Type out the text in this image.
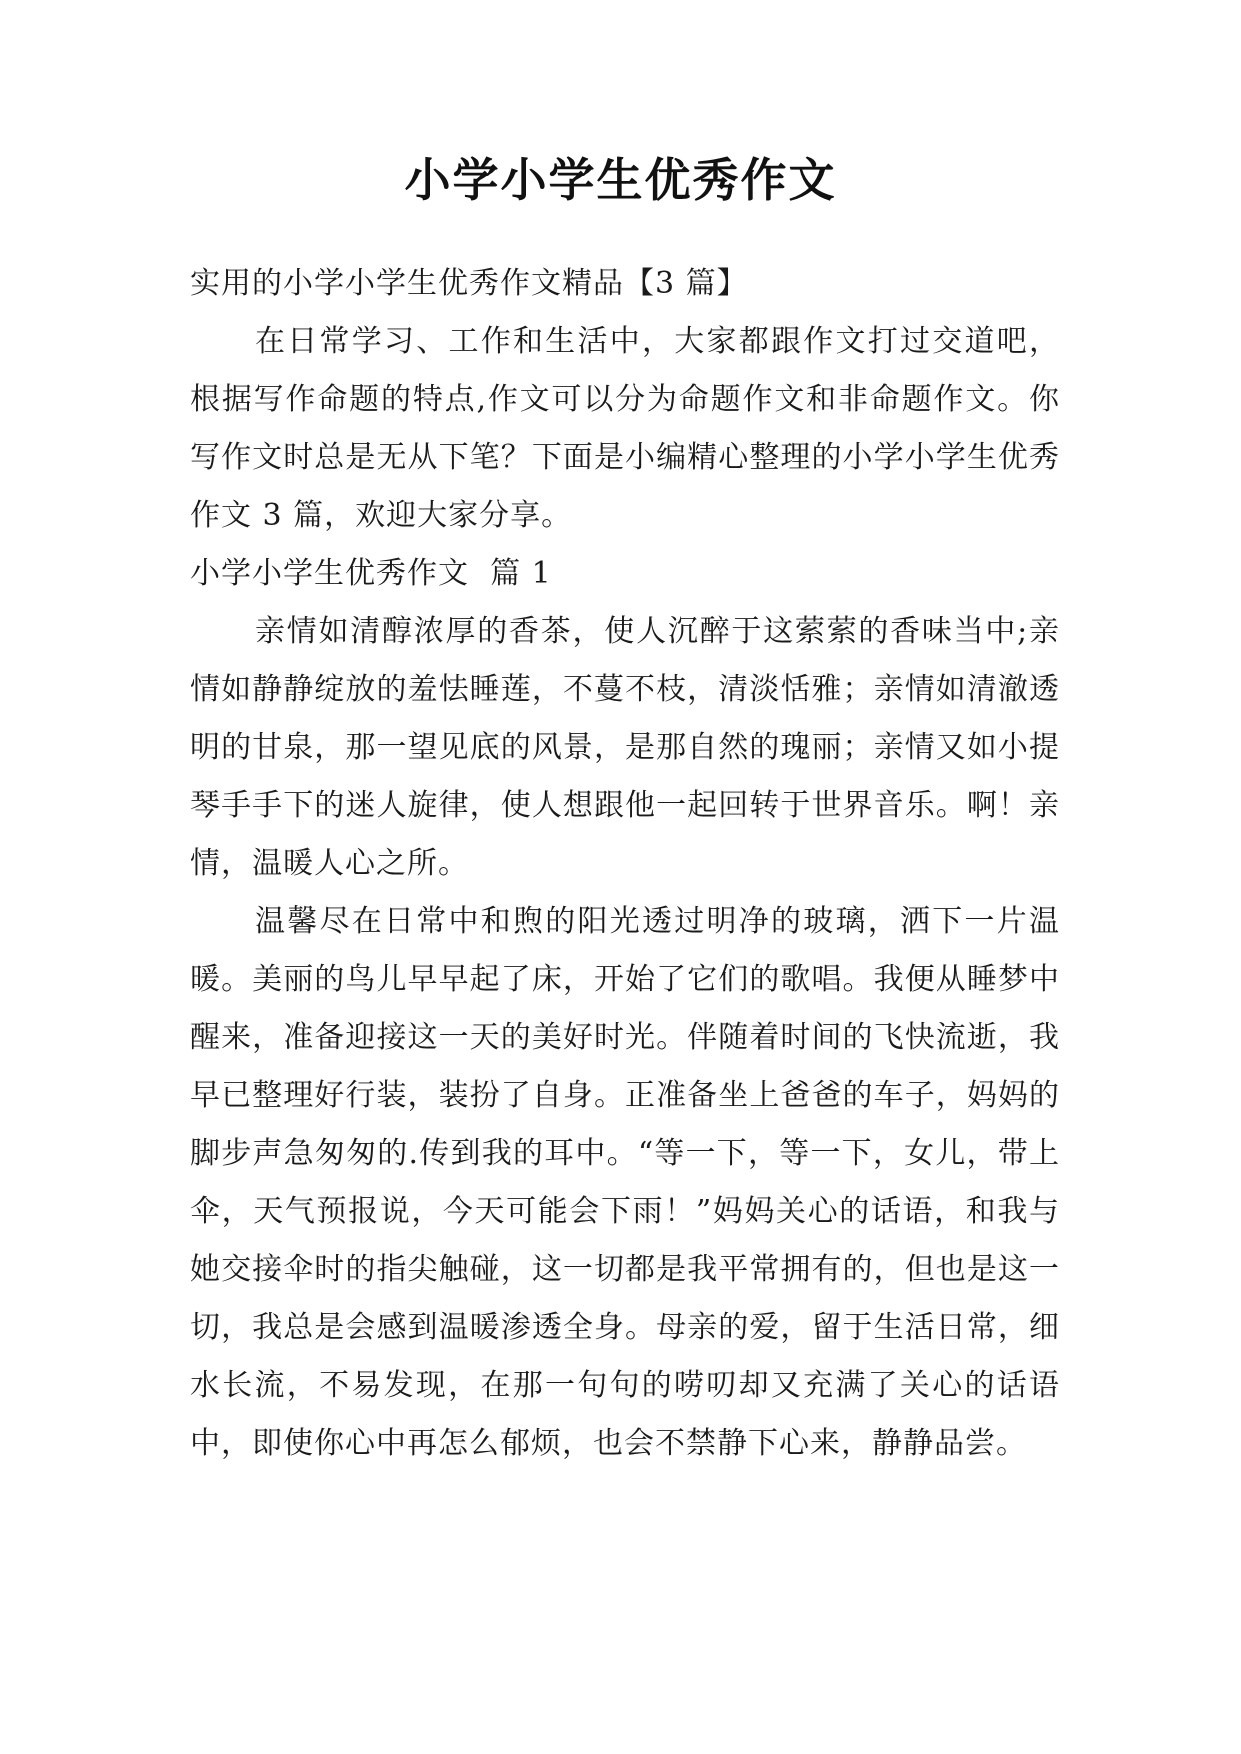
小学小学生优秀作文

实用的小学小学生优秀作文精品【3 篇】

在日常学习、工作和生活中，大家都跟作文打过交道吧，根据写作命题的特点,作文可以分为命题作文和非命题作文。你写作文时总是无从下笔？下面是小编精心整理的小学小学生优秀作文 3 篇，欢迎大家分享。

小学小学生优秀作文  篇 1

亲情如清醇浓厚的香茶，使人沉醉于这萦萦的香味当中;亲情如静静绽放的羞怯睡莲，不蔓不枝，清淡恬雅；亲情如清澈透明的甘泉，那一望见底的风景，是那自然的瑰丽；亲情又如小提琴手手下的迷人旋律，使人想跟他一起回转于世界音乐。啊！亲情，温暖人心之所。

温馨尽在日常中和煦的阳光透过明净的玻璃，洒下一片温暖。美丽的鸟儿早早起了床，开始了它们的歌唱。我便从睡梦中醒来，准备迎接这一天的美好时光。伴随着时间的飞快流逝，我早已整理好行装，装扮了自身。正准备坐上爸爸的车子，妈妈的脚步声急匆匆的.传到我的耳中。“等一下，等一下，女儿，带上伞，天气预报说，今天可能会下雨！”妈妈关心的话语，和我与她交接伞时的指尖触碰，这一切都是我平常拥有的，但也是这一切，我总是会感到温暖渗透全身。母亲的爱，留于生活日常，细水长流，不易发现，在那一句句的唠叨却又充满了关心的话语中，即使你心中再怎么郁烦，也会不禁静下心来，静静品尝。
